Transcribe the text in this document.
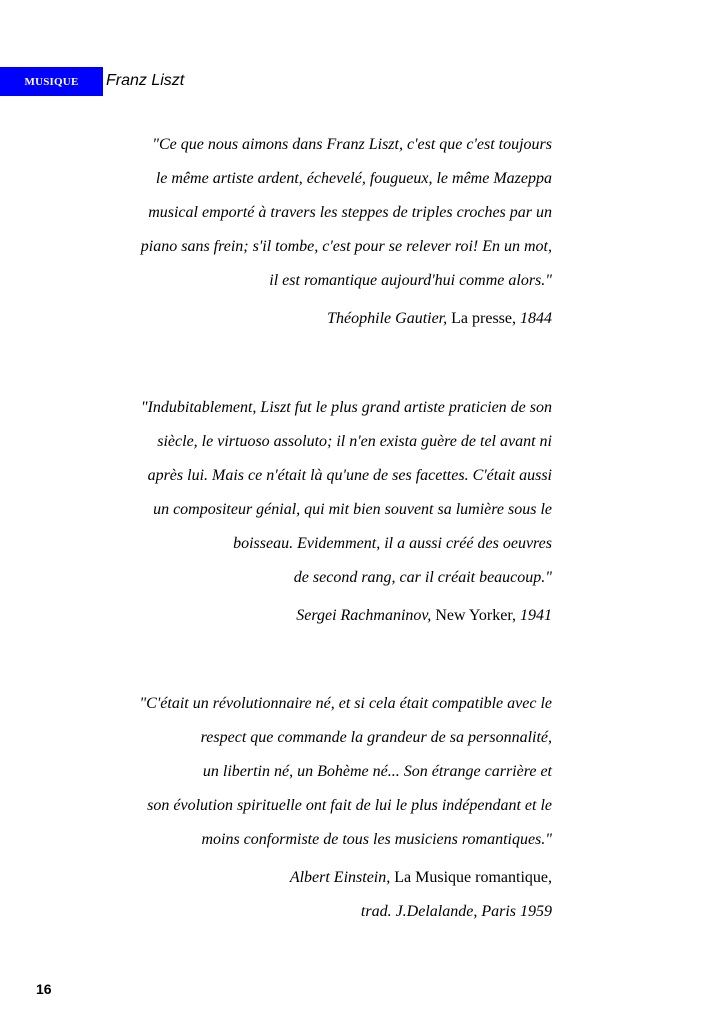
MUSIQUE Franz Liszt
"Ce que nous aimons dans Franz Liszt, c'est que c'est toujours
le même artiste ardent, échevelé, fougueux, le même Mazeppa
musical emporté à travers les steppes de triples croches par un
piano sans frein; s'il tombe, c'est pour se relever roi! En un mot,
il est romantique aujourd'hui comme alors."
Théophile Gautier, La presse, 1844
"Indubitablement, Liszt fut le plus grand artiste praticien de son
siècle, le virtuoso assoluto; il n'en exista guère de tel avant ni
après lui. Mais ce n'était là qu'une de ses facettes. C'était aussi
un compositeur génial, qui mit bien souvent sa lumière sous le
boisseau. Evidemment, il a aussi créé des oeuvres
de second rang, car il créait beaucoup."
Sergei Rachmaninov, New Yorker, 1941
"C'était un révolutionnaire né, et si cela était compatible avec le
respect que commande la grandeur de sa personnalité,
un libertin né, un Bohème né... Son étrange carrière et
son évolution spirituelle ont fait de lui le plus indépendant et le
moins conformiste de tous les musiciens romantiques."
Albert Einstein, La Musique romantique,
trad. J.Delalande, Paris 1959
16
